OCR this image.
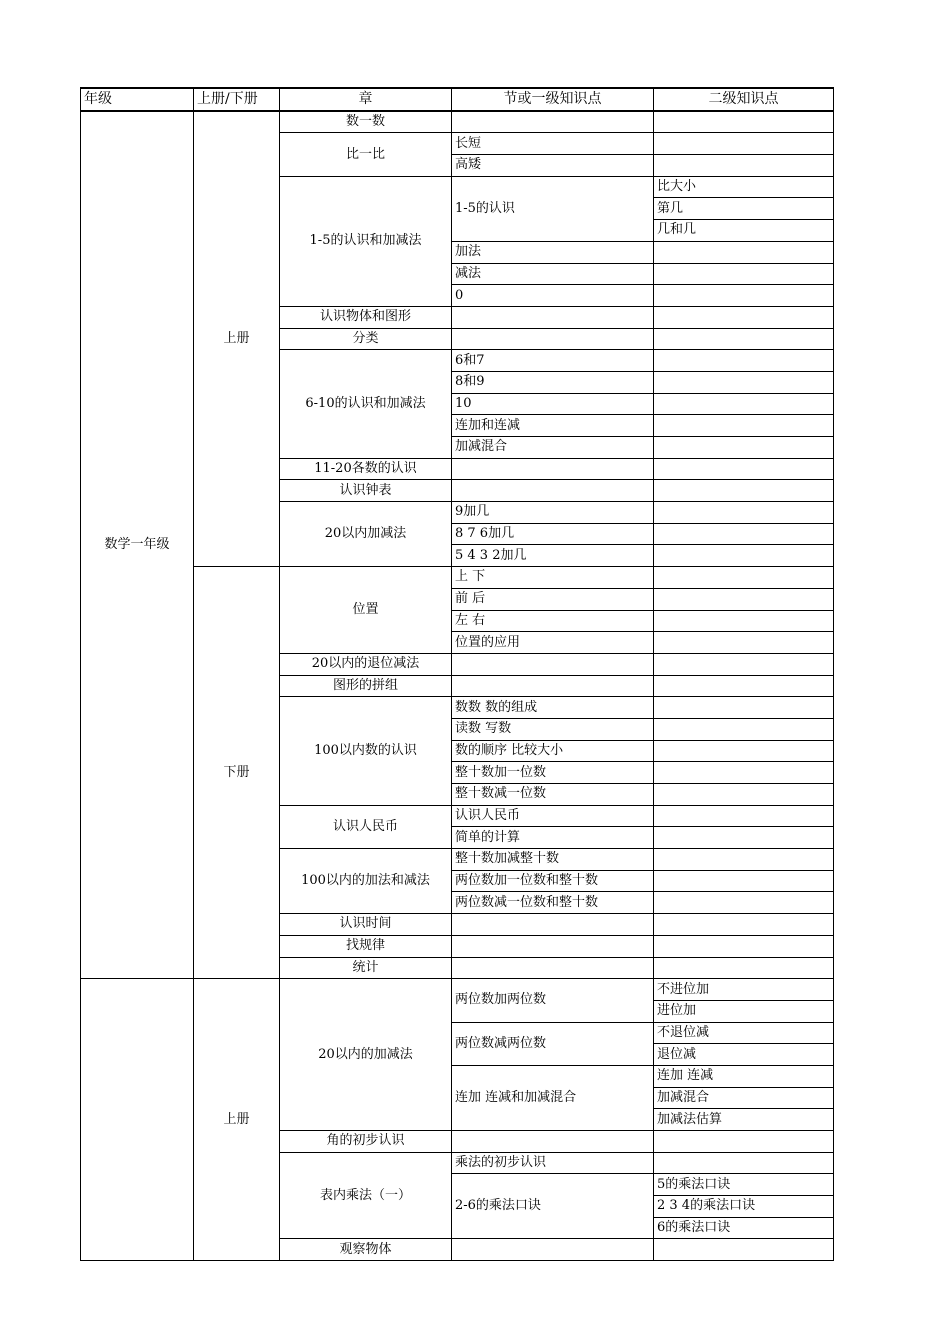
年级	上册/下册	章	节或一级知识点	二级知识点
数学一年级	上册	数一数		
		比一比	长短	
			高矮	
		1-5的认识和加减法	1-5的认识	比大小
				第几
				几和几
			加法	
			减法	
			0	
		认识物体和图形		
		分类		
		6-10的认识和加减法	6和7	
			8和9	
			10	
			连加和连减	
			加减混合	
		11-20各数的认识		
		认识钟表		
		20以内加减法	9加几	
			8 7 6加几	
			5 4 3 2加几	
	下册	位置	上 下	
			前 后	
			左 右	
			位置的应用	
		20以内的退位减法		
		图形的拼组		
		100以内数的认识	数数 数的组成	
			读数 写数	
			数的顺序 比较大小	
			整十数加一位数	
			整十数减一位数	
		认识人民币	认识人民币	
			简单的计算	
		100以内的加法和减法	整十数加减整十数	
			两位数加一位数和整十数	
			两位数减一位数和整十数	
		认识时间		
		找规律		
		统计		
	上册	20以内的加减法	两位数加两位数	不进位加
				进位加
			两位数减两位数	不退位减
				退位减
			连加 连减和加减混合	连加 连减
				加减混合
				加减法估算
		角的初步认识		
		表内乘法（一）	乘法的初步认识	
			2-6的乘法口诀	5的乘法口诀
				2 3 4的乘法口诀
				6的乘法口诀
		观察物体		
